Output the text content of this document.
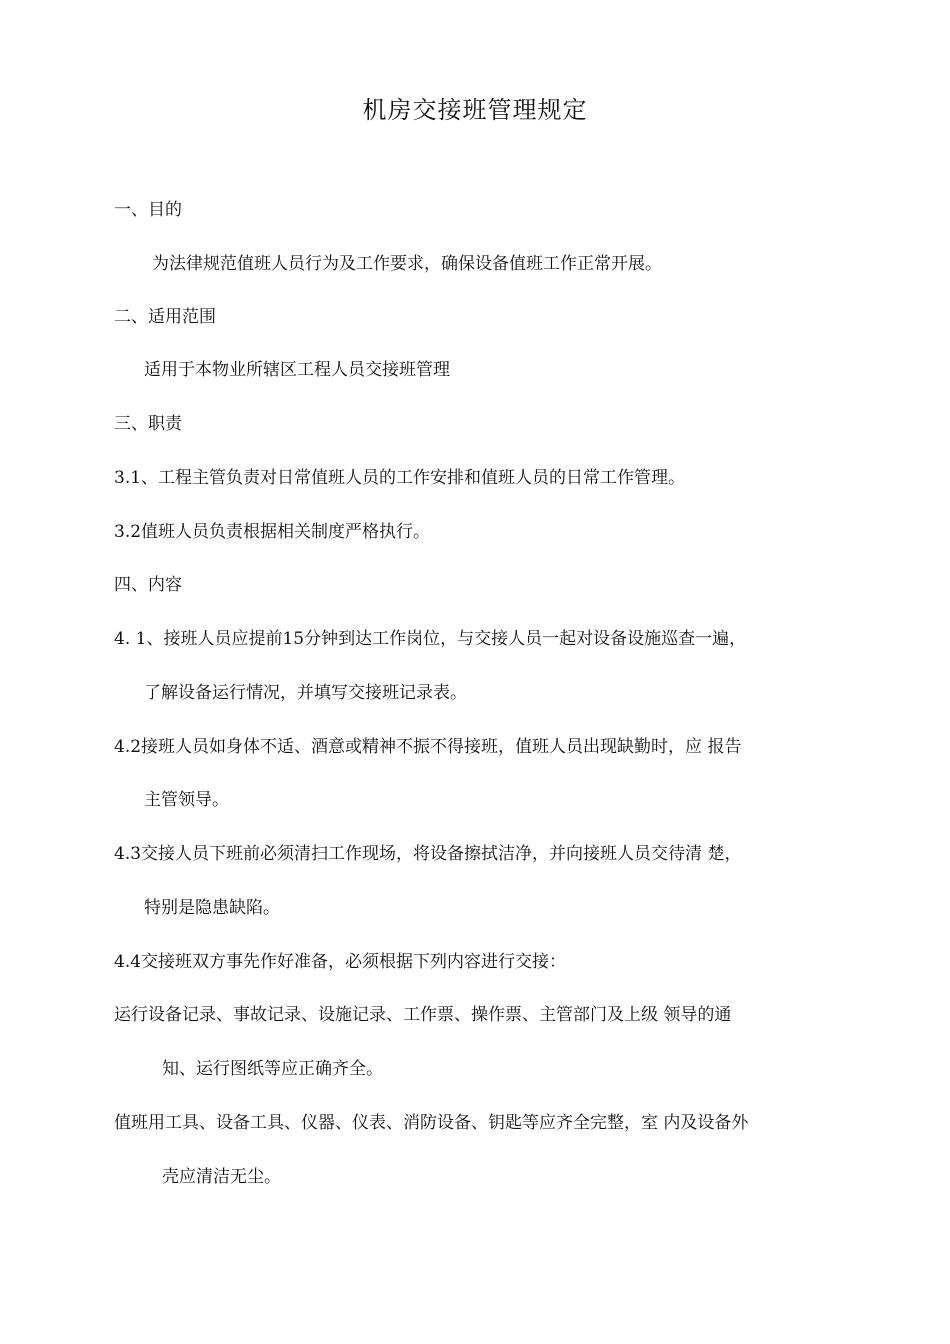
机房交接班管理规定
一、目的
为法律规范值班人员行为及工作要求，确保设备值班工作正常开展。
二、适用范围
适用于本物业所辖区工程人员交接班管理
三、职责
3.1、工程主管负责对日常值班人员的工作安排和值班人员的日常工作管理。
3.2值班人员负责根据相关制度严格执行。
四、内容
4. 1、接班人员应提前15分钟到达工作岗位，与交接人员一起对设备设施巡查一遍，
了解设备运行情况，并填写交接班记录表。
4.2接班人员如身体不适、酒意或精神不振不得接班，值班人员出现缺勤时，应 报告
主管领导。
4.3交接人员下班前必须清扫工作现场，将设备擦拭洁净，并向接班人员交待清 楚，
特别是隐患缺陷。
4.4交接班双方事先作好准备，必须根据下列内容进行交接：
运行设备记录、事故记录、设施记录、工作票、操作票、主管部门及上级 领导的通
知、运行图纸等应正确齐全。
值班用工具、设备工具、仪器、仪表、消防设备、钥匙等应齐全完整，室 内及设备外
壳应清洁无尘。
